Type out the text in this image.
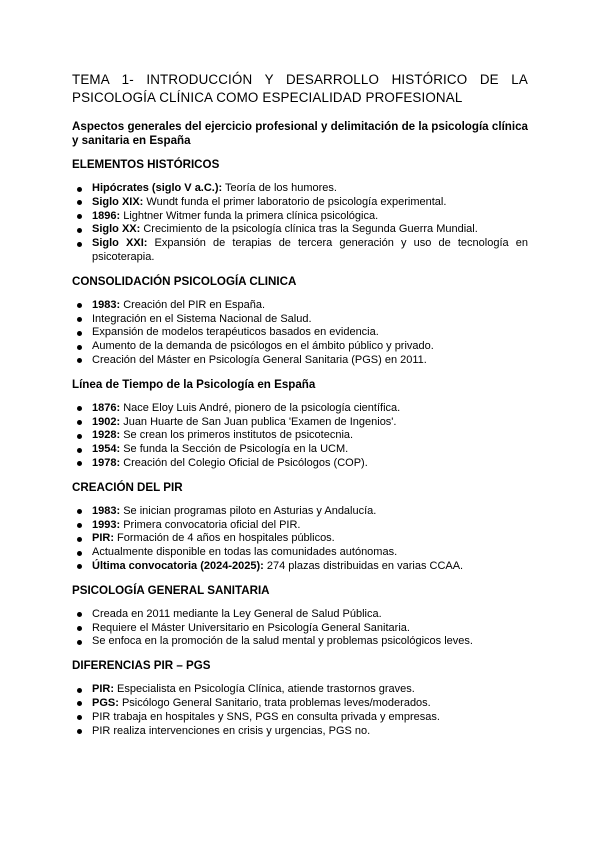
TEMA 1- INTRODUCCIÓN Y DESARROLLO HISTÓRICO DE LA PSICOLOGÍA CLÍNICA COMO ESPECIALIDAD PROFESIONAL

Aspectos generales del ejercicio profesional y delimitación de la psicología clínica y sanitaria en España

ELEMENTOS HISTÓRICOS
Hipócrates (siglo V a.C.): Teoría de los humores.
Siglo XIX: Wundt funda el primer laboratorio de psicología experimental.
1896: Lightner Witmer funda la primera clínica psicológica.
Siglo XX: Crecimiento de la psicología clínica tras la Segunda Guerra Mundial.
Siglo XXI: Expansión de terapias de tercera generación y uso de tecnología en psicoterapia.
CONSOLIDACIÓN PSICOLOGÍA CLINICA
1983: Creación del PIR en España.
Integración en el Sistema Nacional de Salud.
Expansión de modelos terapéuticos basados en evidencia.
Aumento de la demanda de psicólogos en el ámbito público y privado.
Creación del Máster en Psicología General Sanitaria (PGS) en 2011.
Línea de Tiempo de la Psicología en España
1876: Nace Eloy Luis André, pionero de la psicología científica.
1902: Juan Huarte de San Juan publica 'Examen de Ingenios'.
1928: Se crean los primeros institutos de psicotecnia.
1954: Se funda la Sección de Psicología en la UCM.
1978: Creación del Colegio Oficial de Psicólogos (COP).
CREACIÓN DEL PIR
1983: Se inician programas piloto en Asturias y Andalucía.
1993: Primera convocatoria oficial del PIR.
PIR: Formación de 4 años en hospitales públicos.
Actualmente disponible en todas las comunidades autónomas.
Última convocatoria (2024-2025): 274 plazas distribuidas en varias CCAA.
PSICOLOGÍA GENERAL SANITARIA
Creada en 2011 mediante la Ley General de Salud Pública.
Requiere el Máster Universitario en Psicología General Sanitaria.
Se enfoca en la promoción de la salud mental y problemas psicológicos leves.
DIFERENCIAS PIR – PGS
PIR: Especialista en Psicología Clínica, atiende trastornos graves.
PGS: Psicólogo General Sanitario, trata problemas leves/moderados.
PIR trabaja en hospitales y SNS, PGS en consulta privada y empresas.
PIR realiza intervenciones en crisis y urgencias, PGS no.
